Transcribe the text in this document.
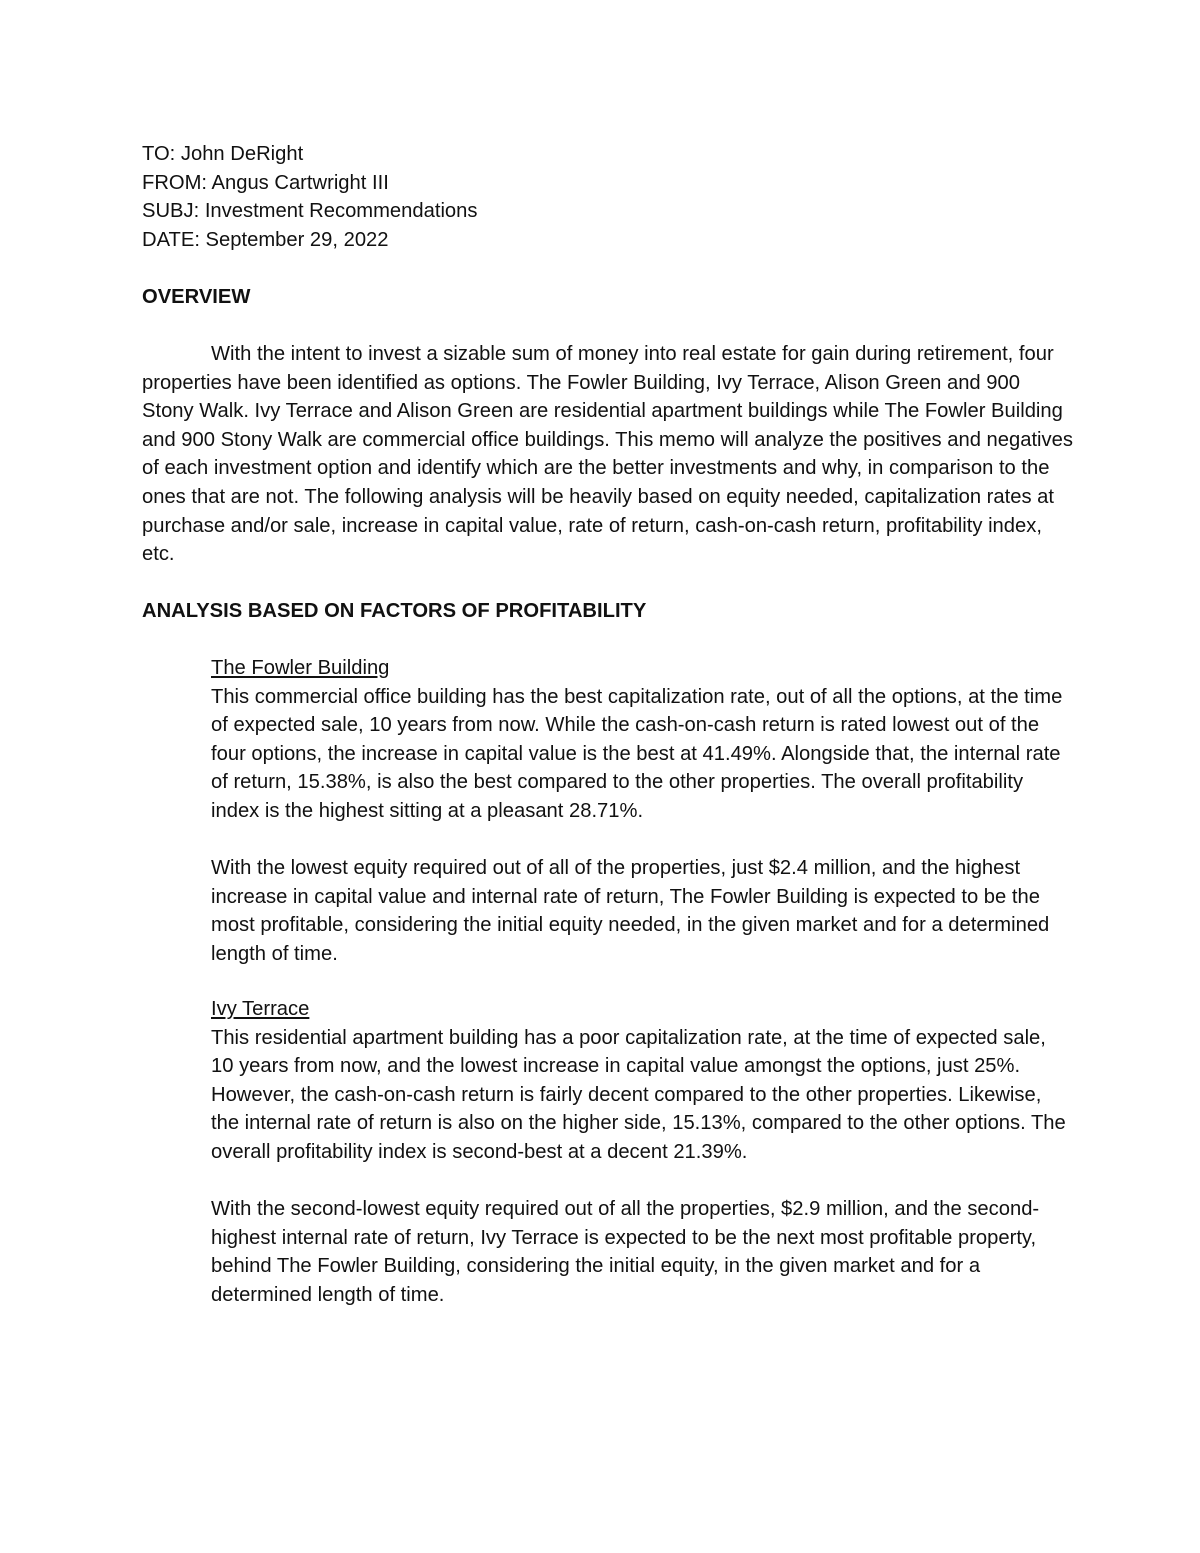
TO: John DeRight
FROM: Angus Cartwright III
SUBJ: Investment Recommendations
DATE: September 29, 2022
OVERVIEW

With the intent to invest a sizable sum of money into real estate for gain during retirement, four properties have been identified as options. The Fowler Building, Ivy Terrace, Alison Green and 900 Stony Walk. Ivy Terrace and Alison Green are residential apartment buildings while The Fowler Building and 900 Stony Walk are commercial office buildings. This memo will analyze the positives and negatives of each investment option and identify which are the better investments and why, in comparison to the ones that are not. The following analysis will be heavily based on equity needed, capitalization rates at purchase and/or sale, increase in capital value, rate of return, cash-on-cash return, profitability index, etc.

ANALYSIS BASED ON FACTORS OF PROFITABILITY
The Fowler Building

This commercial office building has the best capitalization rate, out of all the options, at the time of expected sale, 10 years from now. While the cash-on-cash return is rated lowest out of the four options, the increase in capital value is the best at 41.49%. Alongside that, the internal rate of return, 15.38%, is also the best compared to the other properties. The overall profitability index is the highest sitting at a pleasant 28.71%.

With the lowest equity required out of all of the properties, just $2.4 million, and the highest increase in capital value and internal rate of return, The Fowler Building is expected to be the most profitable, considering the initial equity needed, in the given market and for a determined length of time.

Ivy Terrace

This residential apartment building has a poor capitalization rate, at the time of expected sale, 10 years from now, and the lowest increase in capital value amongst the options, just 25%. However, the cash-on-cash return is fairly decent compared to the other properties. Likewise, the internal rate of return is also on the higher side, 15.13%, compared to the other options. The overall profitability index is second-best at a decent 21.39%.

With the second-lowest equity required out of all the properties, $2.9 million, and the second-highest internal rate of return, Ivy Terrace is expected to be the next most profitable property, behind The Fowler Building, considering the initial equity, in the given market and for a determined length of time.
